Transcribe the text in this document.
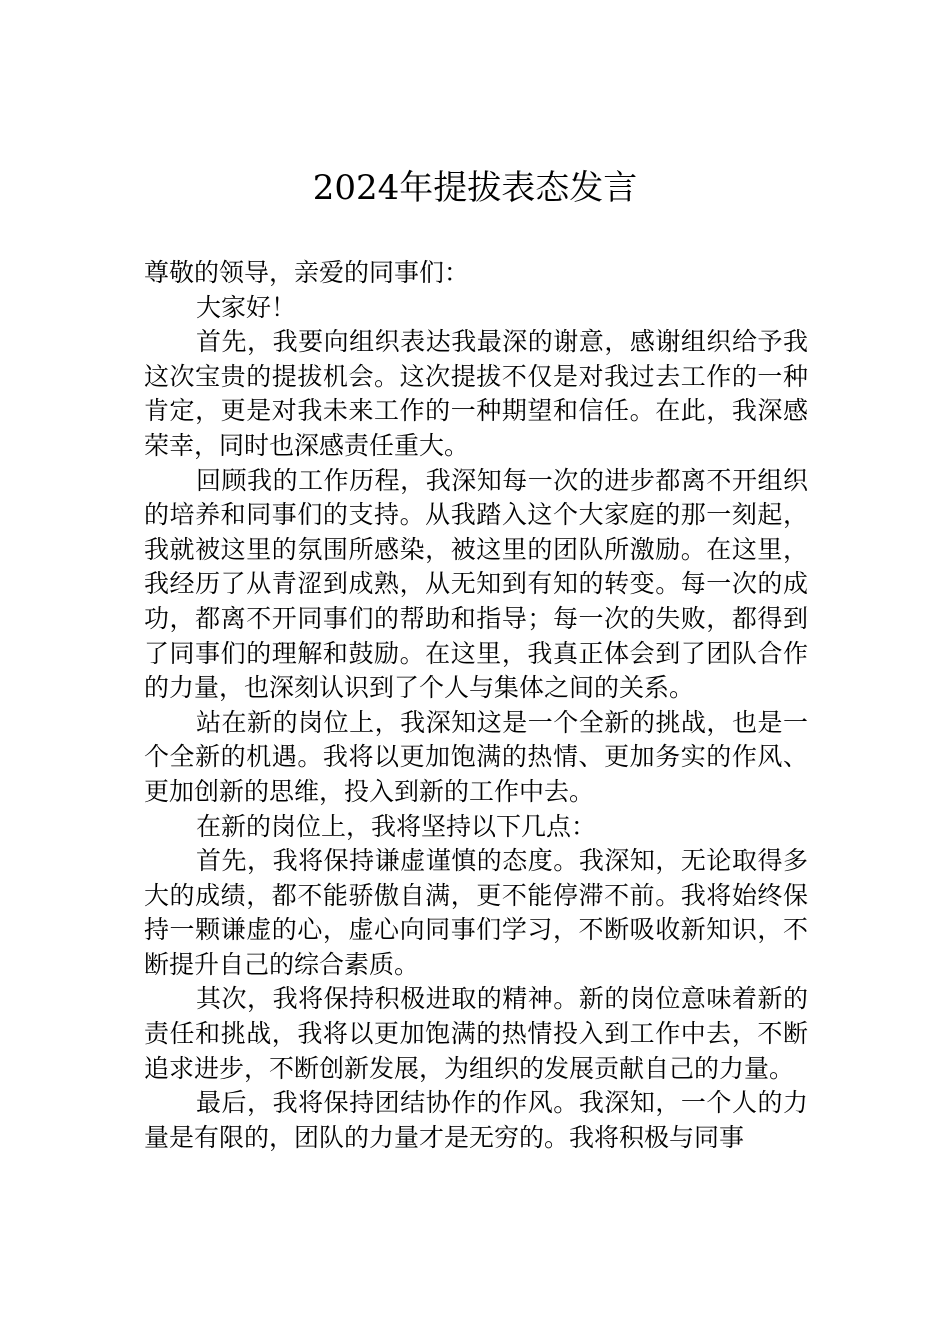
2024年提拔表态发言

尊敬的领导，亲爱的同事们：

大家好！

首先，我要向组织表达我最深的谢意，感谢组织给予我这次宝贵的提拔机会。这次提拔不仅是对我过去工作的一种肯定，更是对我未来工作的一种期望和信任。在此，我深感荣幸，同时也深感责任重大。

回顾我的工作历程，我深知每一次的进步都离不开组织的培养和同事们的支持。从我踏入这个大家庭的那一刻起，我就被这里的氛围所感染，被这里的团队所激励。在这里，我经历了从青涩到成熟，从无知到有知的转变。每一次的成功，都离不开同事们的帮助和指导；每一次的失败，都得到了同事们的理解和鼓励。在这里，我真正体会到了团队合作的力量，也深刻认识到了个人与集体之间的关系。

站在新的岗位上，我深知这是一个全新的挑战，也是一个全新的机遇。我将以更加饱满的热情、更加务实的作风、更加创新的思维，投入到新的工作中去。

在新的岗位上，我将坚持以下几点：

首先，我将保持谦虚谨慎的态度。我深知，无论取得多大的成绩，都不能骄傲自满，更不能停滞不前。我将始终保持一颗谦虚的心，虚心向同事们学习，不断吸收新知识，不断提升自己的综合素质。

其次，我将保持积极进取的精神。新的岗位意味着新的责任和挑战，我将以更加饱满的热情投入到工作中去，不断追求进步，不断创新发展，为组织的发展贡献自己的力量。

最后，我将保持团结协作的作风。我深知，一个人的力量是有限的，团队的力量才是无穷的。我将积极与同事
